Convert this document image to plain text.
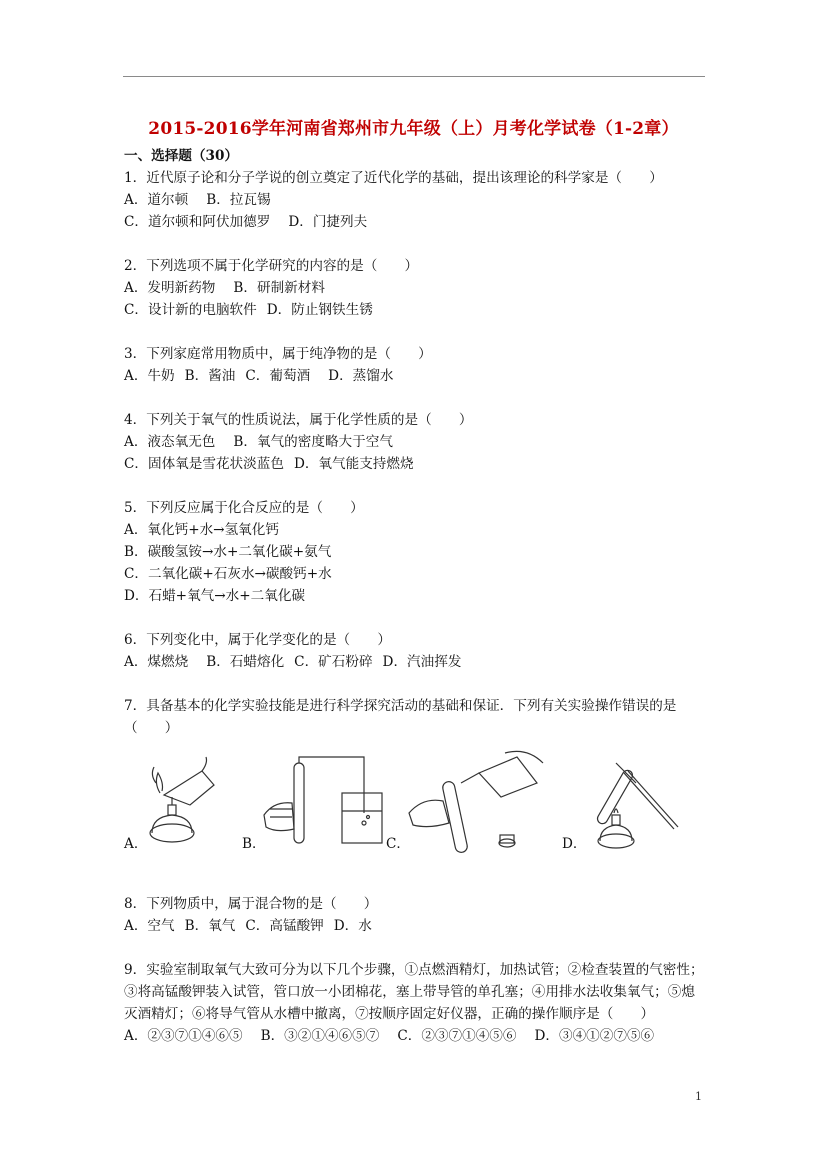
2015-2016学年河南省郑州市九年级（上）月考化学试卷（1-2章）
一、选择题（30）
1．近代原子论和分子学说的创立奠定了近代化学的基础，提出该理论的科学家是（　　）
A．道尔顿 B．拉瓦锡
C．道尔顿和阿伏加德罗 D．门捷列夫
2．下列选项不属于化学研究的内容的是（　　）
A．发明新药物 B．研制新材料
C．设计新的电脑软件 D．防止钢铁生锈
3．下列家庭常用物质中，属于纯净物的是（　　）
A．牛奶 B．酱油 C．葡萄酒 D．蒸馏水
4．下列关于氧气的性质说法，属于化学性质的是（　　）
A．液态氧无色 B．氧气的密度略大于空气
C．固体氧是雪花状淡蓝色 D．氧气能支持燃烧
5．下列反应属于化合反应的是（　　）
A．氧化钙+水→氢氧化钙
B．碳酸氢铵→水+二氧化碳+氨气
C．二氧化碳+石灰水→碳酸钙+水
D．石蜡+氧气→水+二氧化碳
6．下列变化中，属于化学变化的是（　　）
A．煤燃烧 B．石蜡熔化 C．矿石粉碎 D．汽油挥发
7．具备基本的化学实验技能是进行科学探究活动的基础和保证．下列有关实验操作错误的是（　　）
A．	B．	C．	D．
8．下列物质中，属于混合物的是（　　）
A．空气 B．氧气 C．高锰酸钾 D．水
9．实验室制取氧气大致可分为以下几个步骤，①点燃酒精灯，加热试管；②检查装置的气密性；③将高锰酸钾装入试管，管口放一小团棉花，塞上带导管的单孔塞；④用排水法收集氧气；⑤熄灭酒精灯；⑥将导气管从水槽中撤离，⑦按顺序固定好仪器，正确的操作顺序是（　　）
A．②③⑦①④⑥⑤ B．③②①④⑥⑤⑦ C．②③⑦①④⑤⑥ D．③④①②⑦⑤⑥
1
